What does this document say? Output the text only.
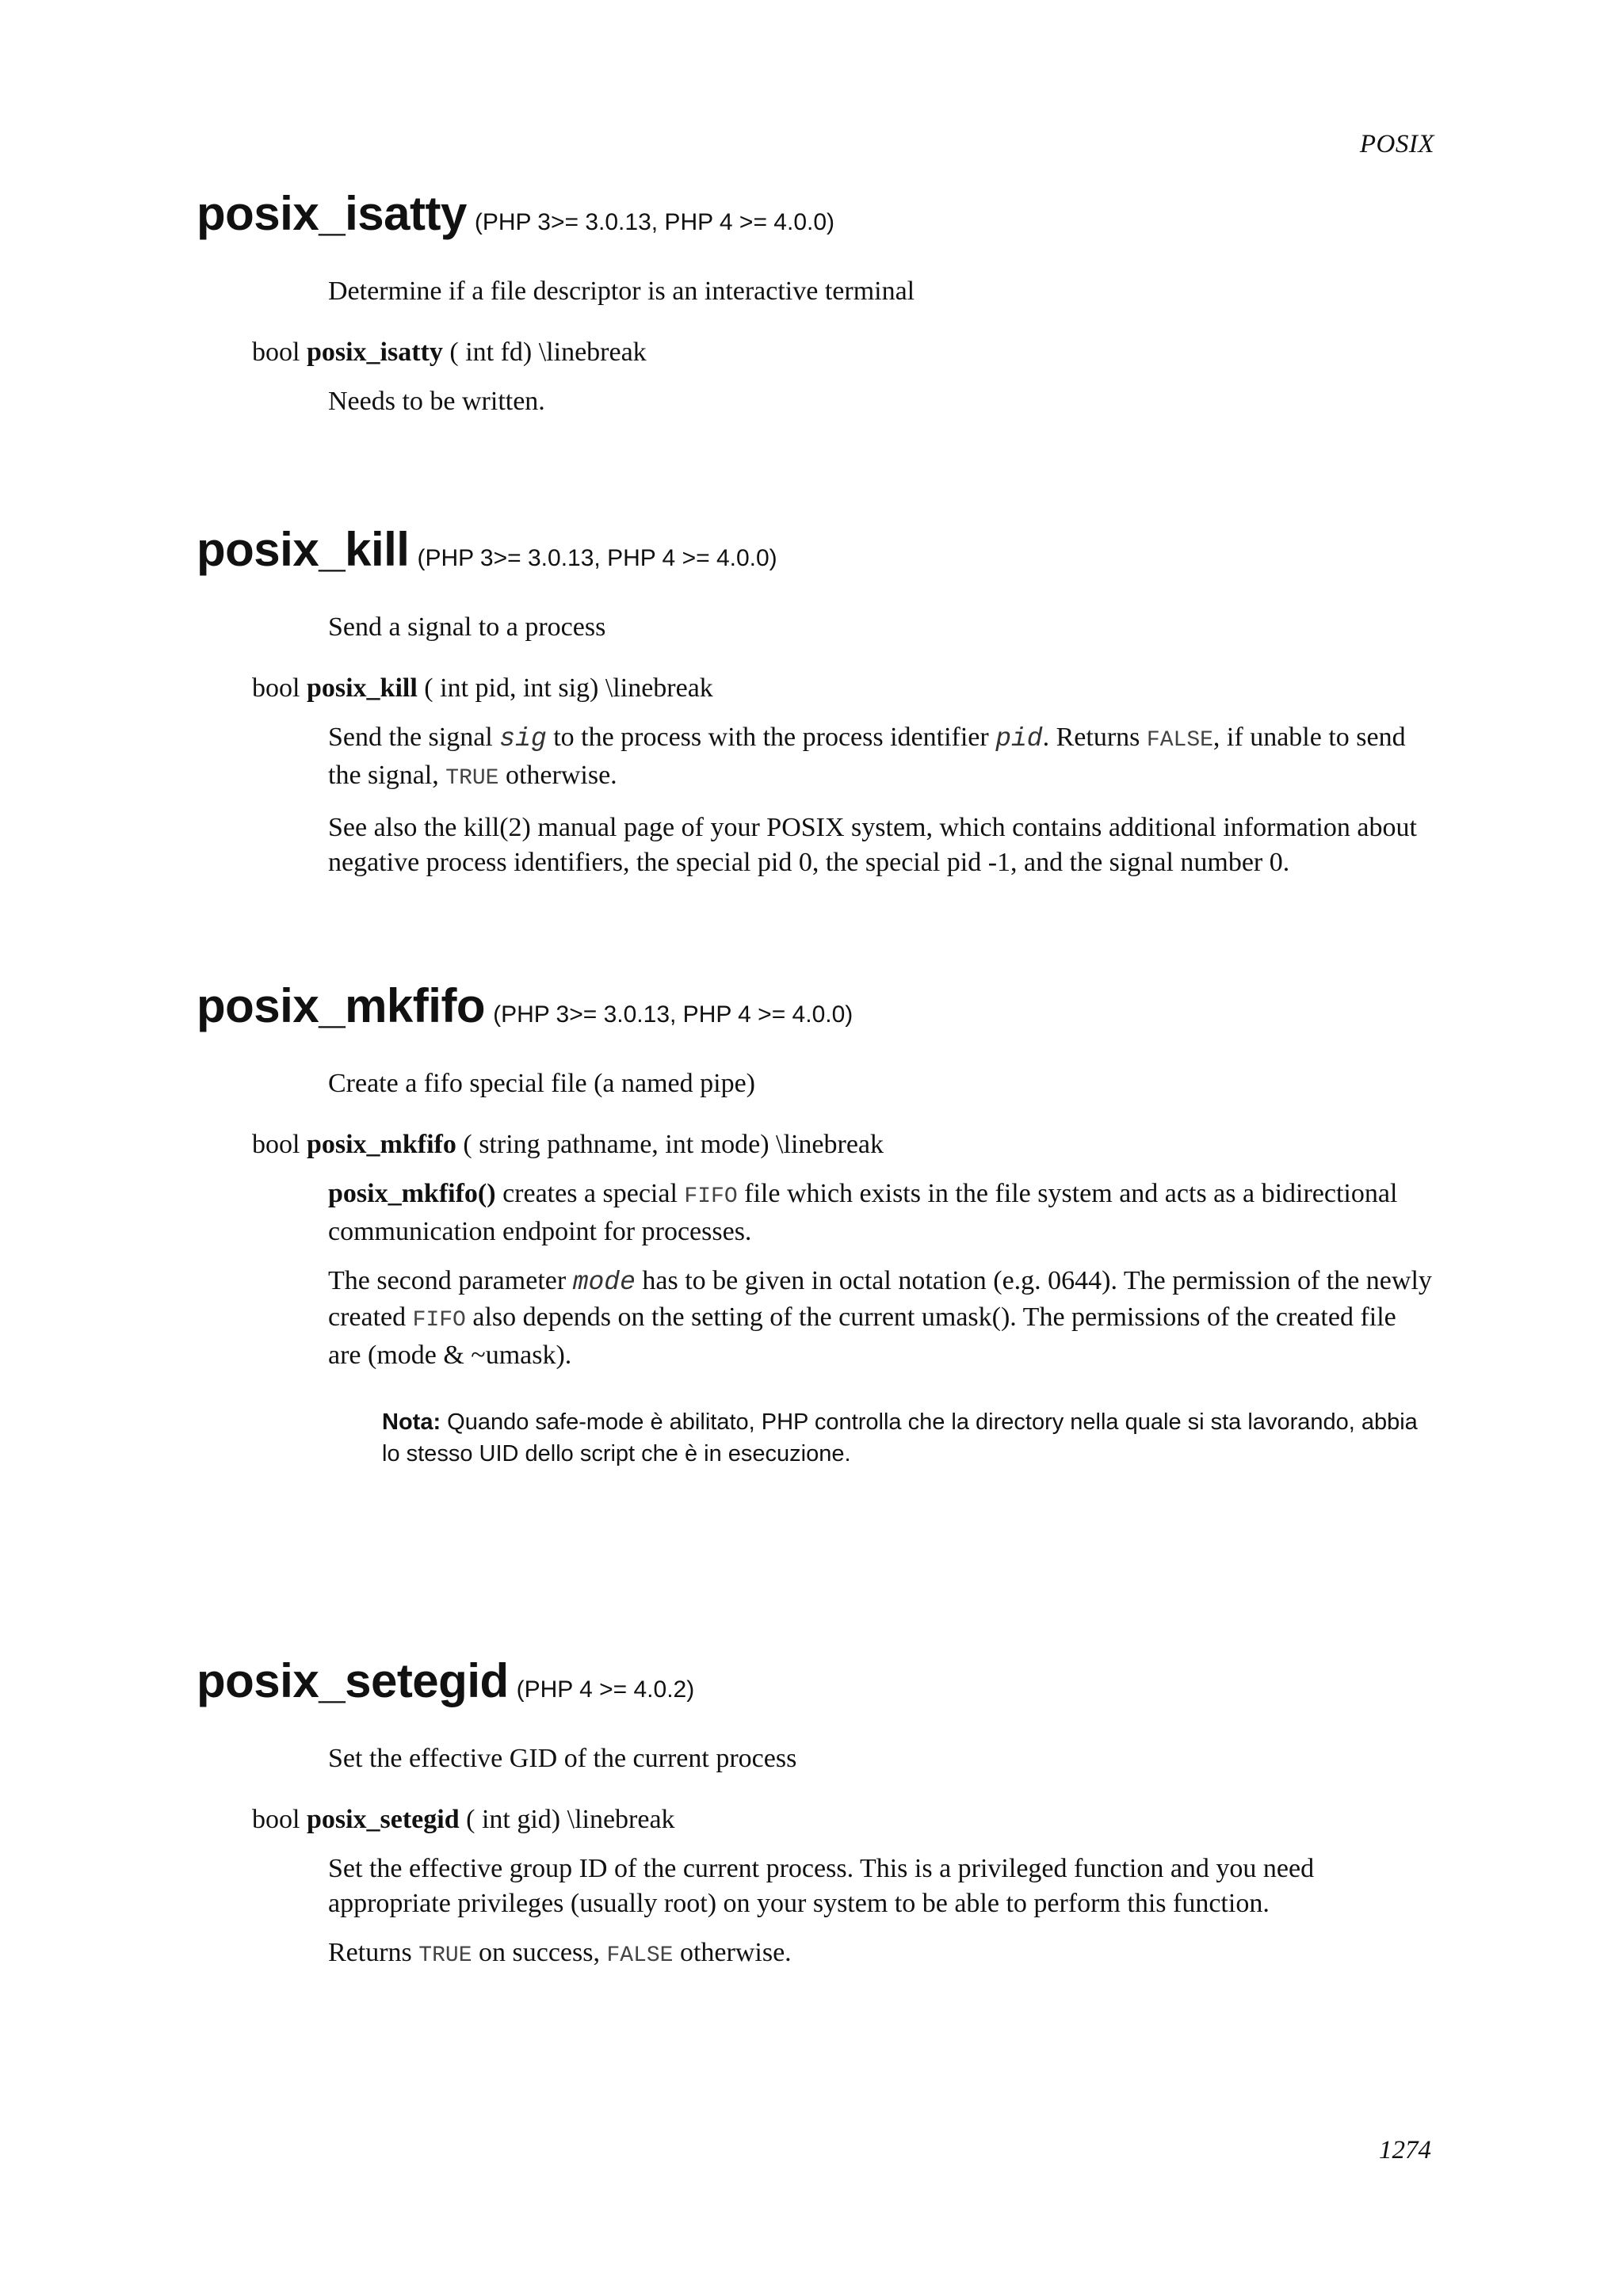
POSIX
posix_isatty (PHP 3>= 3.0.13, PHP 4 >= 4.0.0)
Determine if a file descriptor is an interactive terminal
bool posix_isatty ( int fd) \linebreak
Needs to be written.
posix_kill (PHP 3>= 3.0.13, PHP 4 >= 4.0.0)
Send a signal to a process
bool posix_kill ( int pid, int sig) \linebreak
Send the signal sig to the process with the process identifier pid. Returns FALSE, if unable to send the signal, TRUE otherwise.
See also the kill(2) manual page of your POSIX system, which contains additional information about negative process identifiers, the special pid 0, the special pid -1, and the signal number 0.
posix_mkfifo (PHP 3>= 3.0.13, PHP 4 >= 4.0.0)
Create a fifo special file (a named pipe)
bool posix_mkfifo ( string pathname, int mode) \linebreak
posix_mkfifo() creates a special FIFO file which exists in the file system and acts as a bidirectional communication endpoint for processes.
The second parameter mode has to be given in octal notation (e.g. 0644). The permission of the newly created FIFO also depends on the setting of the current umask(). The permissions of the created file are (mode & ~umask).
Nota: Quando safe-mode è abilitato, PHP controlla che la directory nella quale si sta lavorando, abbia lo stesso UID dello script che è in esecuzione.
posix_setegid (PHP 4 >= 4.0.2)
Set the effective GID of the current process
bool posix_setegid ( int gid) \linebreak
Set the effective group ID of the current process. This is a privileged function and you need appropriate privileges (usually root) on your system to be able to perform this function.
Returns TRUE on success, FALSE otherwise.
1274
